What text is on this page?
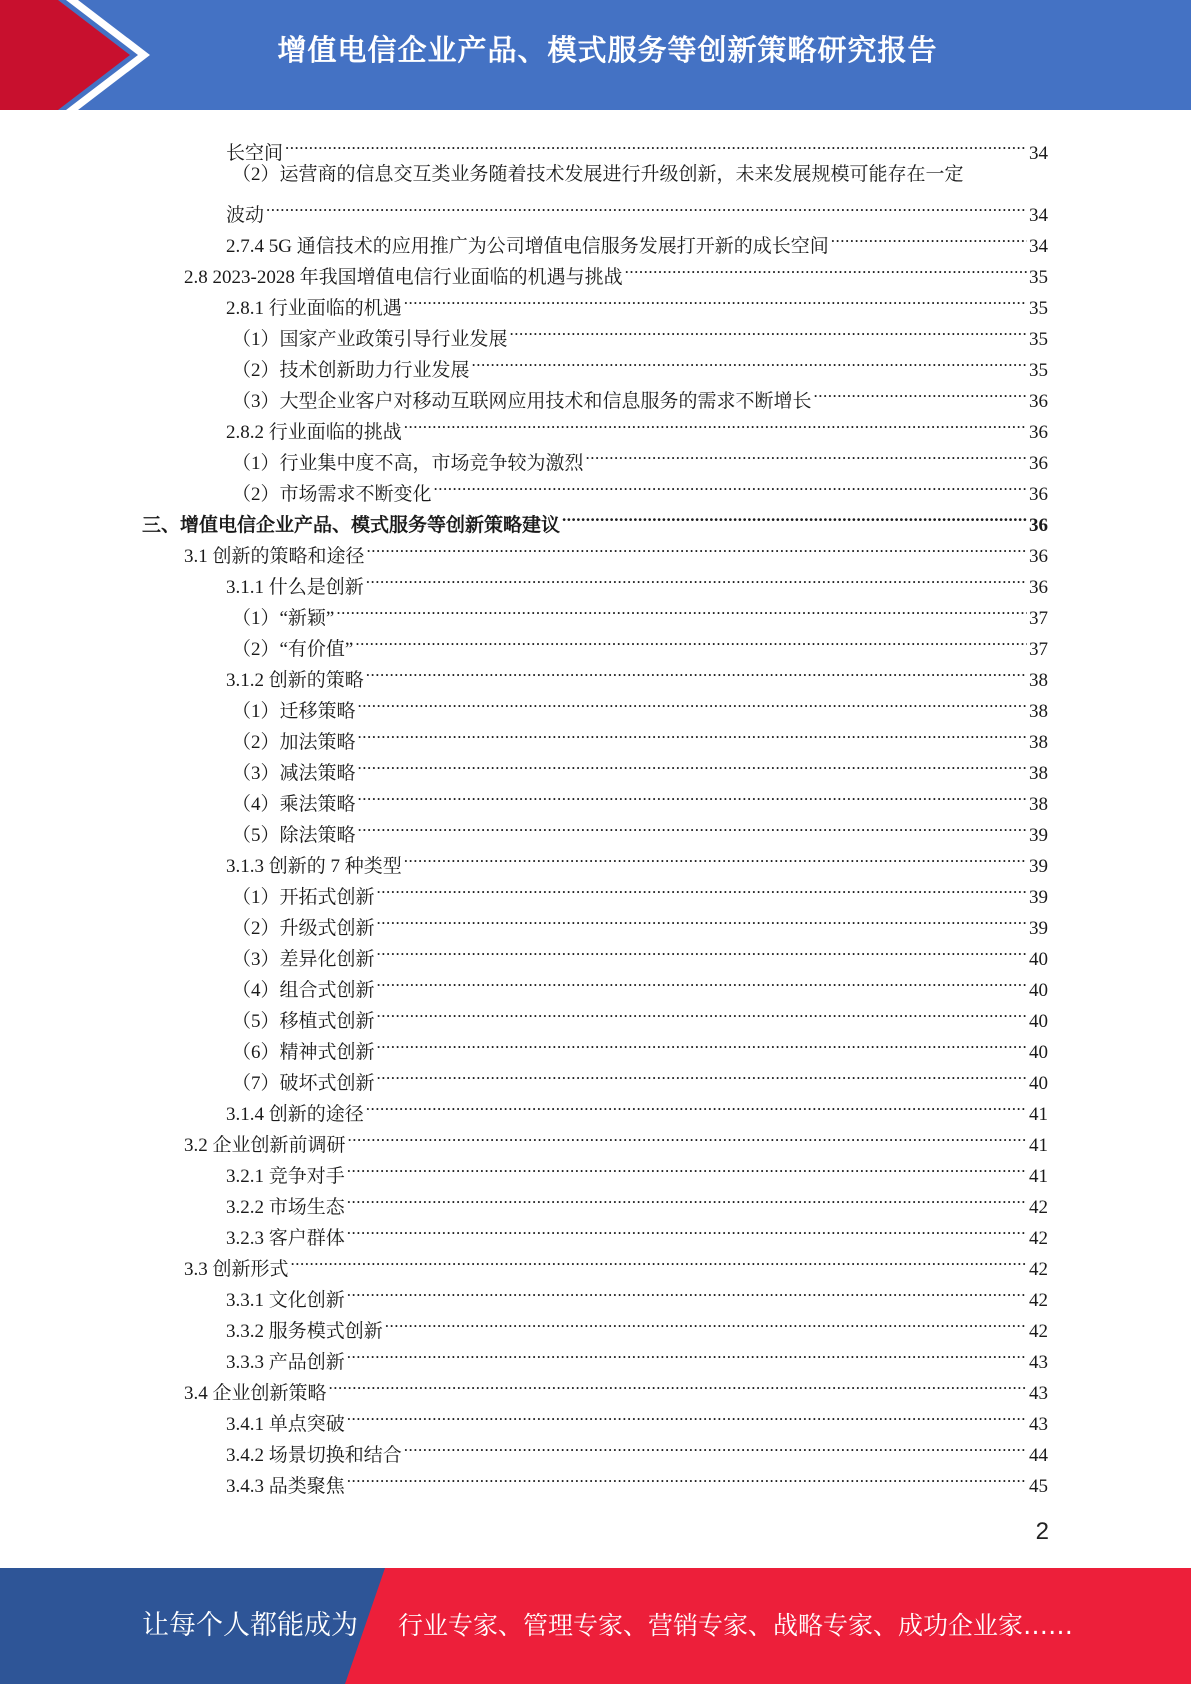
增值电信企业产品、模式服务等创新策略研究报告
长空间 .....	34
（2）运营商的信息交互类业务随着技术发展进行升级创新，未来发展规模可能存在一定
波动 .....	34
2.7.4 5G 通信技术的应用推广为公司增值电信服务发展打开新的成长空间 .....	34
2.8 2023-2028 年我国增值电信行业面临的机遇与挑战 .....	35
2.8.1 行业面临的机遇 .....	35
（1）国家产业政策引导行业发展 .....	35
（2）技术创新助力行业发展 .....	35
（3）大型企业客户对移动互联网应用技术和信息服务的需求不断增长 .....	36
2.8.2 行业面临的挑战 .....	36
（1）行业集中度不高，市场竞争较为激烈 .....	36
（2）市场需求不断变化 .....	36
三、增值电信企业产品、模式服务等创新策略建议 .....	36
3.1 创新的策略和途径 .....	36
3.1.1 什么是创新 .....	36
（1）“新颖” .....	37
（2）“有价值” .....	37
3.1.2 创新的策略 .....	38
（1）迁移策略 .....	38
（2）加法策略 .....	38
（3）减法策略 .....	38
（4）乘法策略 .....	38
（5）除法策略 .....	39
3.1.3 创新的 7 种类型 .....	39
（1）开拓式创新 .....	39
（2）升级式创新 .....	39
（3）差异化创新 .....	40
（4）组合式创新 .....	40
（5）移植式创新 .....	40
（6）精神式创新 .....	40
（7）破坏式创新 .....	40
3.1.4 创新的途径 .....	41
3.2 企业创新前调研 .....	41
3.2.1 竞争对手 .....	41
3.2.2 市场生态 .....	42
3.2.3 客户群体 .....	42
3.3 创新形式 .....	42
3.3.1 文化创新 .....	42
3.3.2 服务模式创新 .....	42
3.3.3 产品创新 .....	43
3.4 企业创新策略 .....	43
3.4.1 单点突破 .....	43
3.4.2 场景切换和结合 .....	44
3.4.3 品类聚焦 .....	45
2
让每个人都能成为 行业专家、管理专家、营销专家、战略专家、成功企业家……
